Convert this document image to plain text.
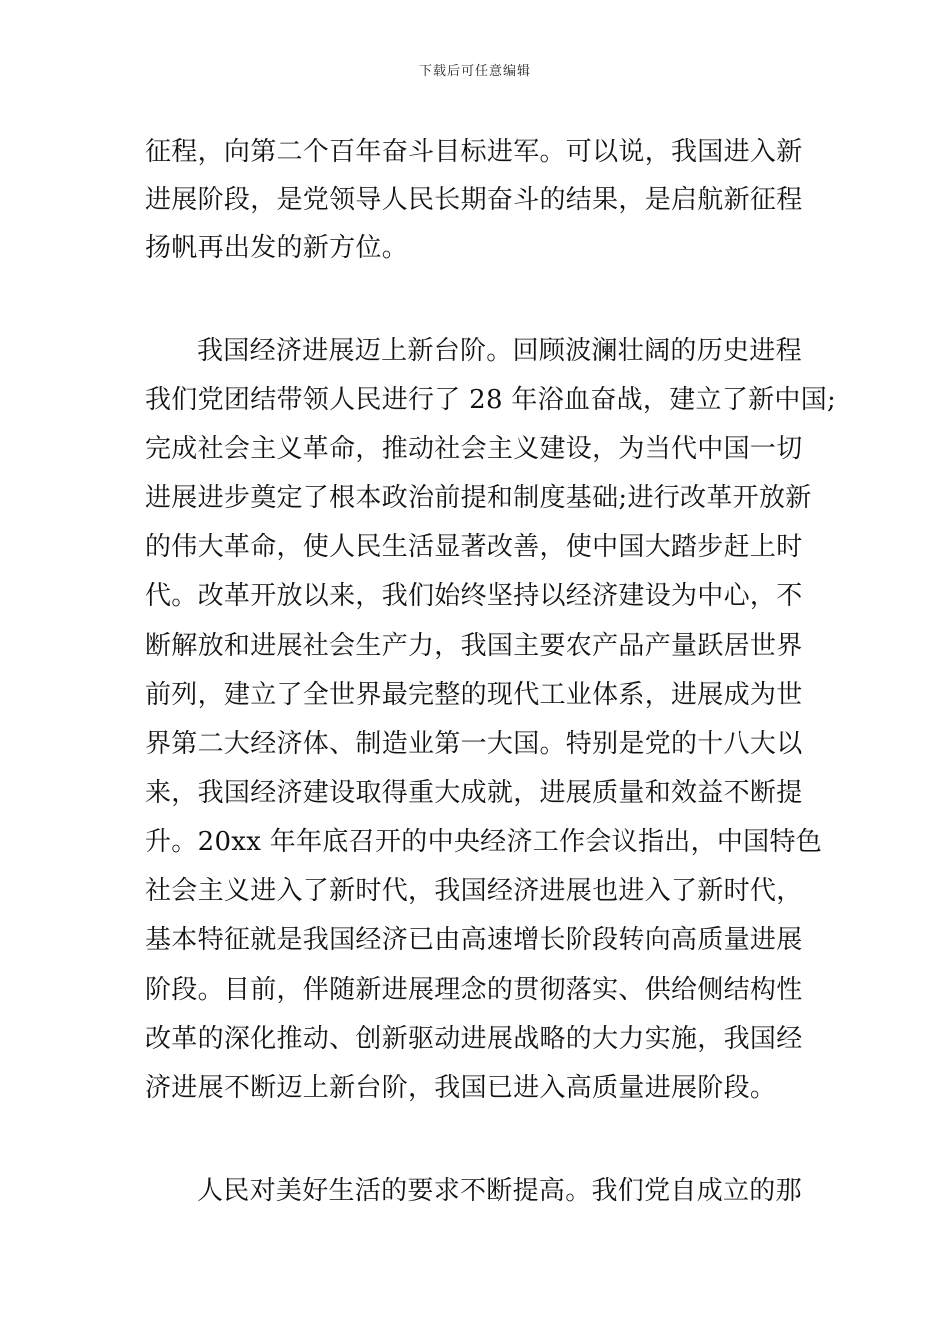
下载后可任意编辑
征程，向第二个百年奋斗目标进军。可以说，我国进入新
进展阶段，是党领导人民长期奋斗的结果，是启航新征程
扬帆再出发的新方位。
我国经济进展迈上新台阶。回顾波澜壮阔的历史进程
我们党团结带领人民进行了 28 年浴血奋战，建立了新中国;
完成社会主义革命，推动社会主义建设，为当代中国一切
进展进步奠定了根本政治前提和制度基础;进行改革开放新
的伟大革命，使人民生活显著改善，使中国大踏步赶上时
代。改革开放以来，我们始终坚持以经济建设为中心，不
断解放和进展社会生产力，我国主要农产品产量跃居世界
前列，建立了全世界最完整的现代工业体系，进展成为世
界第二大经济体、制造业第一大国。特别是党的十八大以
来，我国经济建设取得重大成就，进展质量和效益不断提
升。20xx 年年底召开的中央经济工作会议指出，中国特色
社会主义进入了新时代，我国经济进展也进入了新时代，
基本特征就是我国经济已由高速增长阶段转向高质量进展
阶段。目前，伴随新进展理念的贯彻落实、供给侧结构性
改革的深化推动、创新驱动进展战略的大力实施，我国经
济进展不断迈上新台阶，我国已进入高质量进展阶段。
人民对美好生活的要求不断提高。我们党自成立的那
